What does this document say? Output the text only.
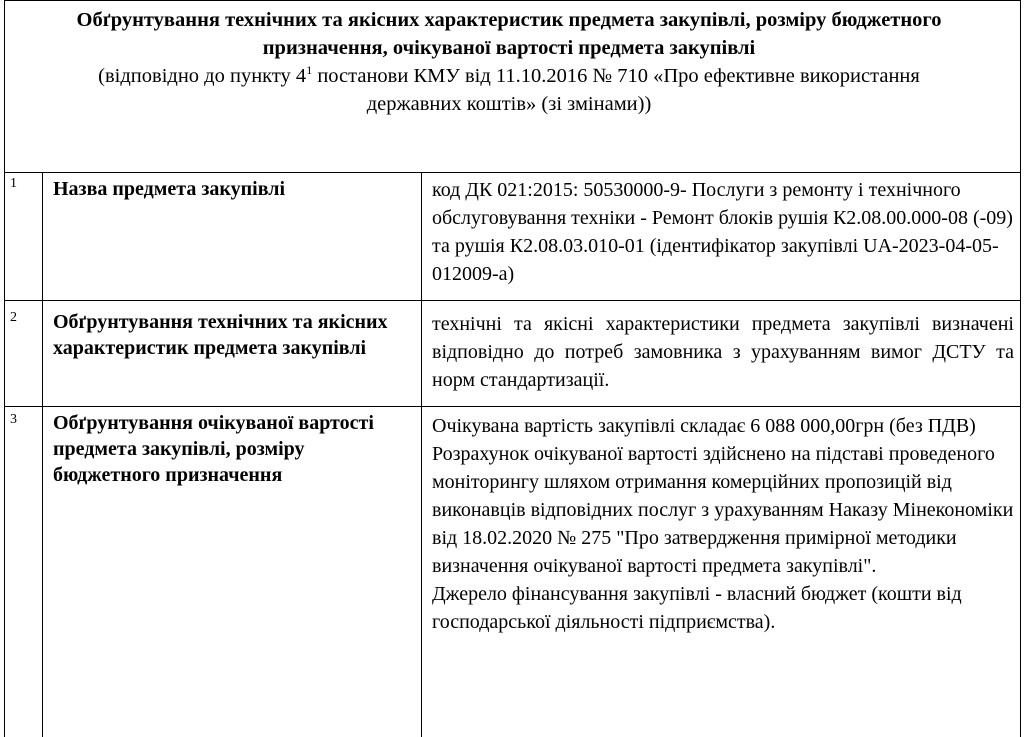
Обґрунтування технічних та якісних характеристик предмета закупівлі, розміру бюджетного
призначення, очікуваної вартості предмета закупівлі
(відповідно до пункту $4^1$ постанови КМУ від 11.10.2016 № 710 «Про ефективне використання
державних коштів» (зі змінами))
1 Назва предмета закупівлі	код ДК 021:2015: 50530000-9- Послуги з ремонту і технічного обслуговування техніки - Ремонт блоків рушія К2.08.00.000-08 (-09) та рушія К2.08.03.010-01 (ідентифікатор закупівлі UA-2023-04-05-012009-a)
2 Обґрунтування технічних та якісних характеристик предмета закупівлі
технічні та якісні характеристики предмета закупівлі визначені відповідно до потреб замовника з урахуванням вимог ДСТУ та норм стандартизації.
3 Обґрунтування очікуваної вартості предмета закупівлі, розміру бюджетного призначення

Очікувана вартість закупівлі складає 6 088 000,00грн (без ПДВ)

Розрахунок очікуваної вартості здійснено на підставі проведеного моніторингу шляхом отримання комерційних пропозицій від виконавців відповідних послуг з урахуванням Наказу Мінекономіки від 18.02.2020 № 275 "Про затвердження примірної методики визначення очікуваної вартості предмета закупівлі".

Джерело фінансування закупівлі - власний бюджет (кошти від господарської діяльності підприємства).
